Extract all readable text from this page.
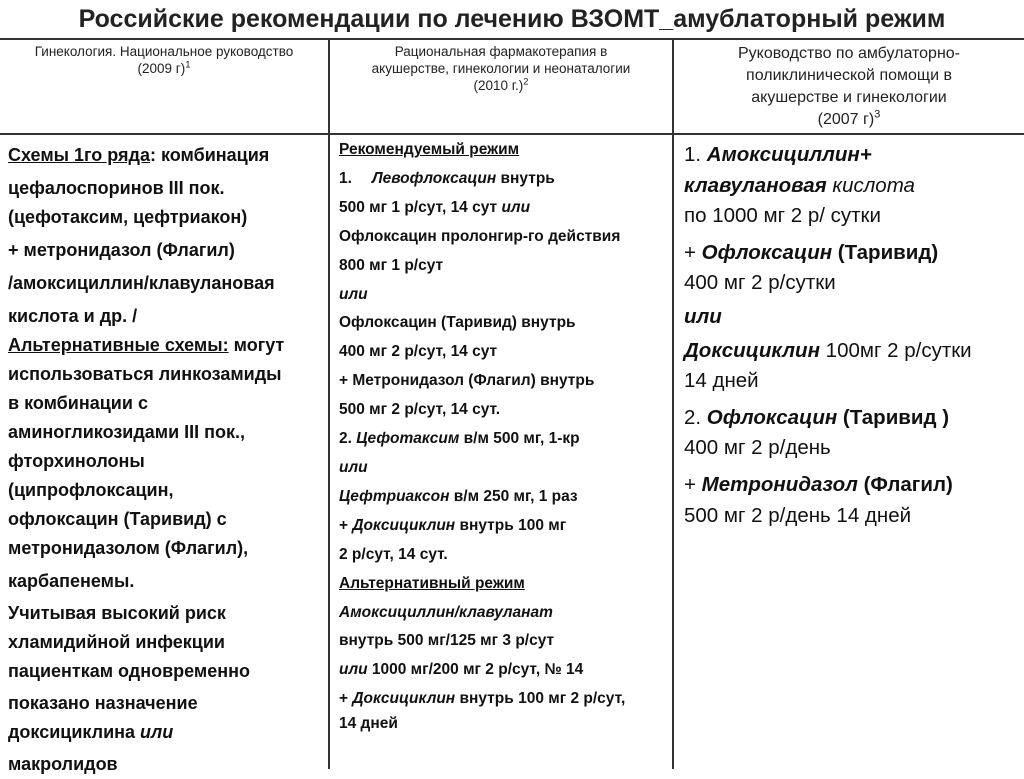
Российские рекомендации по лечению ВЗОМТ_амублаторный режим
Гинекология. Национальное руководство
(2009 г)$^1$
Рациональная фармакотерапия в
акушерстве, гинекологии и неонаталогии
(2010 г.)$^2$
Руководство по амбулаторно-
поликлинической помощи в
акушерстве и гинекологии
(2007 г)$^3$
Схемы 1го ряда: комбинация
цефалоспоринов III пок.
(цефотаксим, цефтриакон)
+ метронидазол (Флагил)
/амоксициллин/клавулановая
кислота и др. /
Альтернативные схемы: могут
использоваться линкозамиды
в комбинации с
аминогликозидами III пок.,
фторхинолоны
(ципрофлоксацин,
офлоксацин (Таривид) с
метронидазолом (Флагил),
карбапенемы.
Учитывая высокий риск
хламидийной инфекции
пациенткам одновременно
показано назначение
доксициклина или
макролидов
Рекомендуемый режим
1. Левофлоксацин внутрь
500 мг 1 р/сут, 14 сут или
Офлоксацин пролонгир-го действия
800 мг 1 р/сут
или
Офлоксацин (Таривид) внутрь
400 мг 2 р/сут, 14 сут
+ Метронидазол (Флагил) внутрь
500 мг 2 р/сут, 14 сут.
2. Цефотаксим в/м 500 мг, 1-кр
или
Цефтриаксон в/м 250 мг, 1 раз
+ Доксициклин внутрь 100 мг
2 р/сут, 14 сут.
Альтернативный режим
Амоксициллин/клавуланат
внутрь 500 мг/125 мг 3 р/сут
или 1000 мг/200 мг 2 р/сут, № 14
+ Доксициклин внутрь 100 мг 2 р/сут,
14 дней
1. Амоксициллин+
клавулановая кислота
по 1000 мг 2 р/ сутки
+ Офлоксацин (Таривид)
400 мг 2 р/сутки
или
Доксициклин 100мг 2 р/сутки
14 дней
2. Офлоксацин (Таривид )
400 мг 2 р/день
+ Метронидазол (Флагил)
500 мг 2 р/день 14 дней
